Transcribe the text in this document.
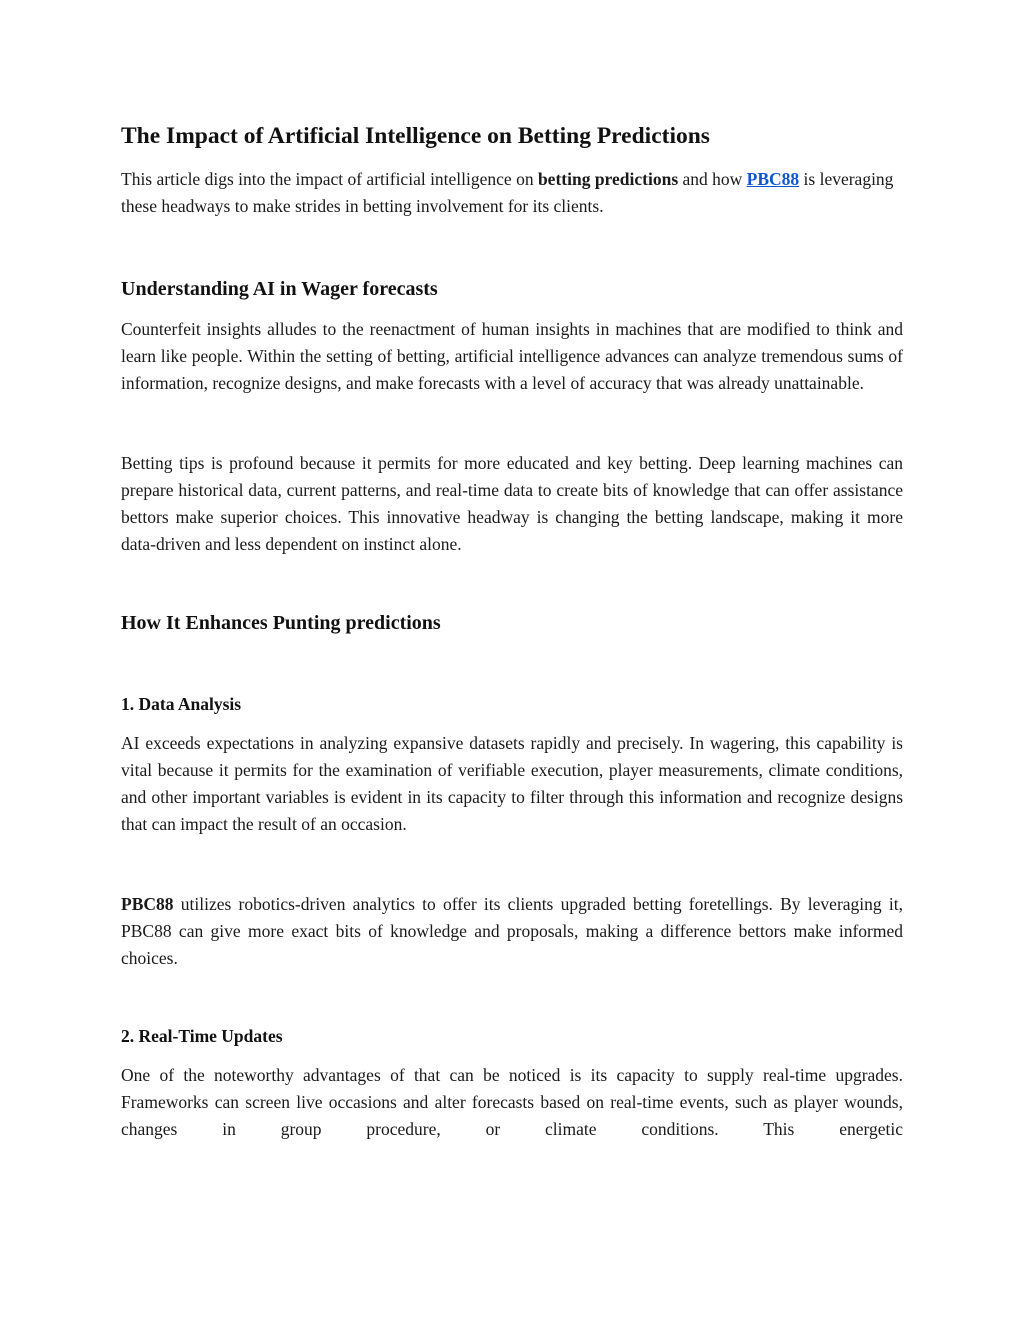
The Impact of Artificial Intelligence on Betting Predictions

This article digs into the impact of artificial intelligence on betting predictions and how PBC88 is leveraging these headways to make strides in betting involvement for its clients.

Understanding AI in Wager forecasts

Counterfeit insights alludes to the reenactment of human insights in machines that are modified to think and learn like people. Within the setting of betting, artificial intelligence advances can analyze tremendous sums of information, recognize designs, and make forecasts with a level of accuracy that was already unattainable.

Betting tips is profound because it permits for more educated and key betting. Deep learning machines can prepare historical data, current patterns, and real-time data to create bits of knowledge that can offer assistance bettors make superior choices. This innovative headway is changing the betting landscape, making it more data-driven and less dependent on instinct alone.

How It Enhances Punting predictions
1. Data Analysis

AI exceeds expectations in analyzing expansive datasets rapidly and precisely. In wagering, this capability is vital because it permits for the examination of verifiable execution, player measurements, climate conditions, and other important variables is evident in its capacity to filter through this information and recognize designs that can impact the result of an occasion.

PBC88 utilizes robotics-driven analytics to offer its clients upgraded betting foretellings. By leveraging it, PBC88 can give more exact bits of knowledge and proposals, making a difference bettors make informed choices.

2. Real-Time Updates

One of the noteworthy advantages of that can be noticed is its capacity to supply real-time upgrades. Frameworks can screen live occasions and alter forecasts based on real-time events, such as player wounds, changes in group procedure, or climate conditions. This energetic
